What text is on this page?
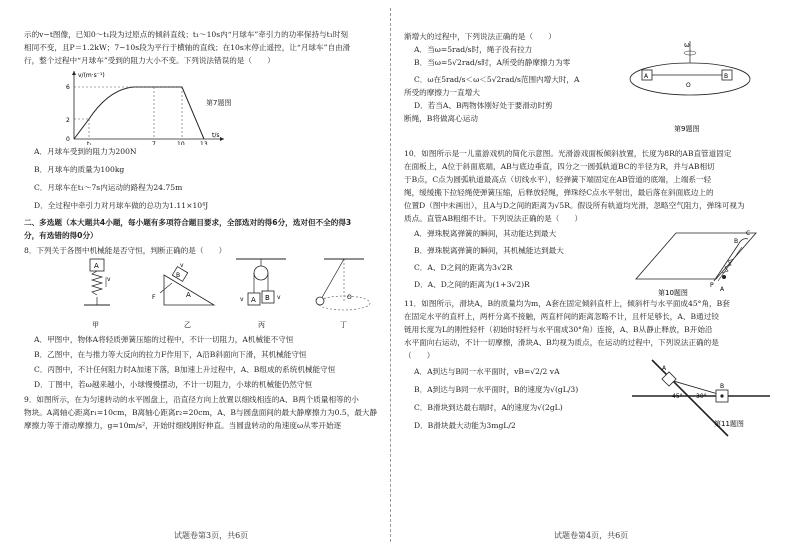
示的v−t图像，已知0～t₁段为过原点的倾斜直线；t₁～10s内“月球车”牵引力的功率保持与t₁时刻
相同不变，且P＝1.2kW；7~10s段为平行于横轴的直线；在10s末停止遥控，让“月球车”自由滑
行，整个过程中“月球车”受到的阻力大小不变。下列说法错误的是（　　）
v/(m·s⁻¹)
t/s
6
2
0
t₁	7	10	13
第7题图
A．月球车受到的阻力为200N
B．月球车的质量为100kg
C．月球车在t₁～7s内运动的路程为24.75m
D．全过程中牵引力对月球车做的总功为1.11×10⁴J
二、多选题（本大题共4小题，每小题有多项符合题目要求，全部选对的得6分，选对但不全的得3
分，有选错的得0分）
8．下列关于各图中机械能是否守恒，判断正确的是（　　）
A
v
甲
B
A
F
v
乙
A B
v	v
丙
O
丁
A．甲图中，物体A将轻质弹簧压缩的过程中，不计一切阻力，A机械能不守恒
B．乙图中，在与推力等大反向的拉力F作用下，A沿B斜面向下滑，其机械能守恒
C．丙图中，不计任何阻力时A加速下落，B加速上升过程中，A、B组成的系统机械能守恒
D．丁图中，若ω越来越小，小球慢慢摆动，不计一切阻力，小球的机械能仍然守恒
9．如图所示，在为匀速转动的水平圆盘上，沿直径方向上放置以细线相连的A、B两个质量相等的小
物块。A离轴心距离r₁=10cm，B离轴心距离r₂=20cm，A、B与圆盘面间的最大静摩擦力为0.5，最大静
摩擦力等于滑动摩擦力，g=10m/s²，开始时细线刚好伸直。当圆盘转动的角速度ω从零开始逐
试题卷第3页，共6页
渐增大的过程中，下列说法正确的是（　　）
A．当ω=5rad/s时，绳子没有拉力
B．当ω=5√2rad/s时，A所受的静摩擦力为零
C．ω在5rad/s＜ω＜5√2rad/s范围内增大时，A
所受的摩擦力一直增大
D．若当A、B两物体刚好处于要滑动时剪
断绳，B将做离心运动
ω
A	B
O
第9题图
10．如图所示是一儿童游戏机的简化示意图。光滑游戏面板倾斜放置，长度为8R的AB直管道固定
在面板上，A位于斜面底端，AB与底边垂直，四分之一圆弧轨道BC的半径为R，并与AB相切
于B点，C点为圆弧轨道最高点（切线水平），轻弹簧下端固定在AB管道的底端，上端系一轻
绳，缓缓搬下拉轻绳使弹簧压缩，后释放轻绳，弹珠经C点水平射出，最后落在斜面底边上的
位置D（图中未画出），且A与D之间的距离为√5R。假设所有轨道均光滑，忽略空气阻力，弹珠可视为
质点。直管AB粗细不计。下列说法正确的是（　　）
A．弹珠脱离弹簧的瞬间，其动能达到最大
B．弹珠脱离弹簧的瞬间，其机械能达到最大
C．A、D之间的距离为3√2R
D．A、D之间的距离为(1+3√2)R	P
A
B
C
第10题图
11．如图所示，滑块A，B的质量均为m，A套在固定倾斜直杆上，倾斜杆与水平面成45°角，B套
在固定水平的直杆上，两杆分离不接触，两直杆间的距离忽略不计，且杆足够长，A、B通过铰
链用长度为L的刚性轻杆（初始时轻杆与水平面成30°角）连接，A、B从静止释放，B开始沿
水平面向右运动，不计一切摩擦，滑块A、B均视为质点，在运动的过程中，下列说法正确的是
（　　）
A．A到达与B同一水平面时，vB=√2/2 vA
B．A到达与B同一水平面时，B的速度为√(gL/3)
C．B滑块到达最右端时，A的速度为√(2gL)
D．B滑块最大动能为3mgL/2
A
B
45° 30°
第11题图
试题卷第4页，共6页
